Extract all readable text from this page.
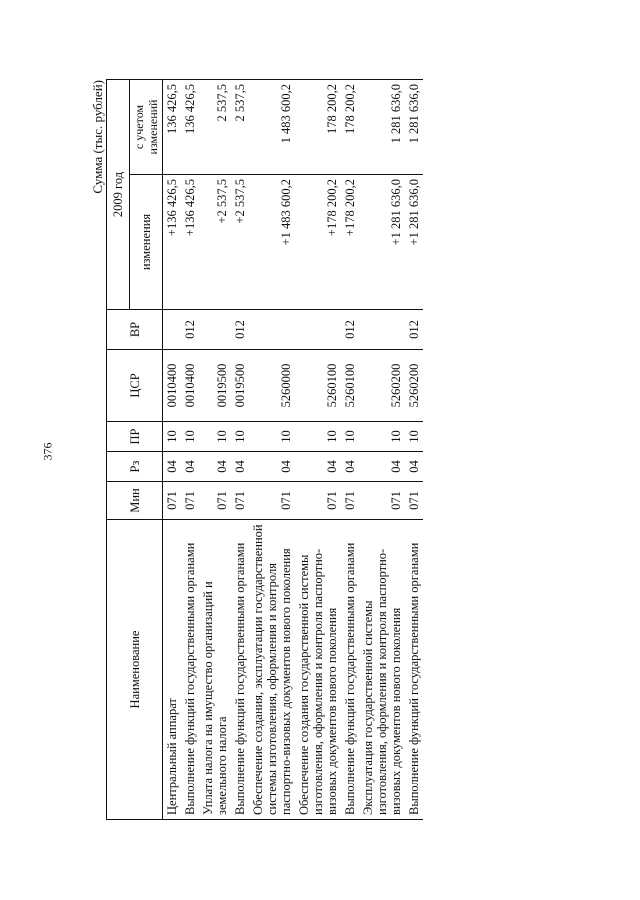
376
Сумма (тыс. рублей)
Наименование	Мин	Рз	ПР	ЦСР	ВР	2009 год	
						изменения	с учетом изменений

Центральный аппарат	071	04	10	0010400		+136 426,5	136 426,5
Выполнение функций государственными органами	071	04	10	0010400	012	+136 426,5	136 426,5
Уплата налога на имущество организаций и земельного налога	071	04	10	0019500		+2 537,5	2 537,5
Выполнение функций государственными органами	071	04	10	0019500	012	+2 537,5	2 537,5
Обеспечение создания, эксплуатации государственной системы изготовления, оформления и контроля паспортно-визовых документов нового поколения	071	04	10	5260000		+1 483 600,2	1 483 600,2
Обеспечение создания государственной системы изготовления, оформления и контроля паспортно-визовых документов нового поколения	071	04	10	5260100		+178 200,2	178 200,2
Выполнение функций государственными органами	071	04	10	5260100	012	+178 200,2	178 200,2
Эксплуатация государственной системы изготовления, оформления и контроля паспортно-визовых документов нового поколения	071	04	10	5260200		+1 281 636,0	1 281 636,0
Выполнение функций государственными органами	071	04	10	5260200	012	+1 281 636,0	1 281 636,0
